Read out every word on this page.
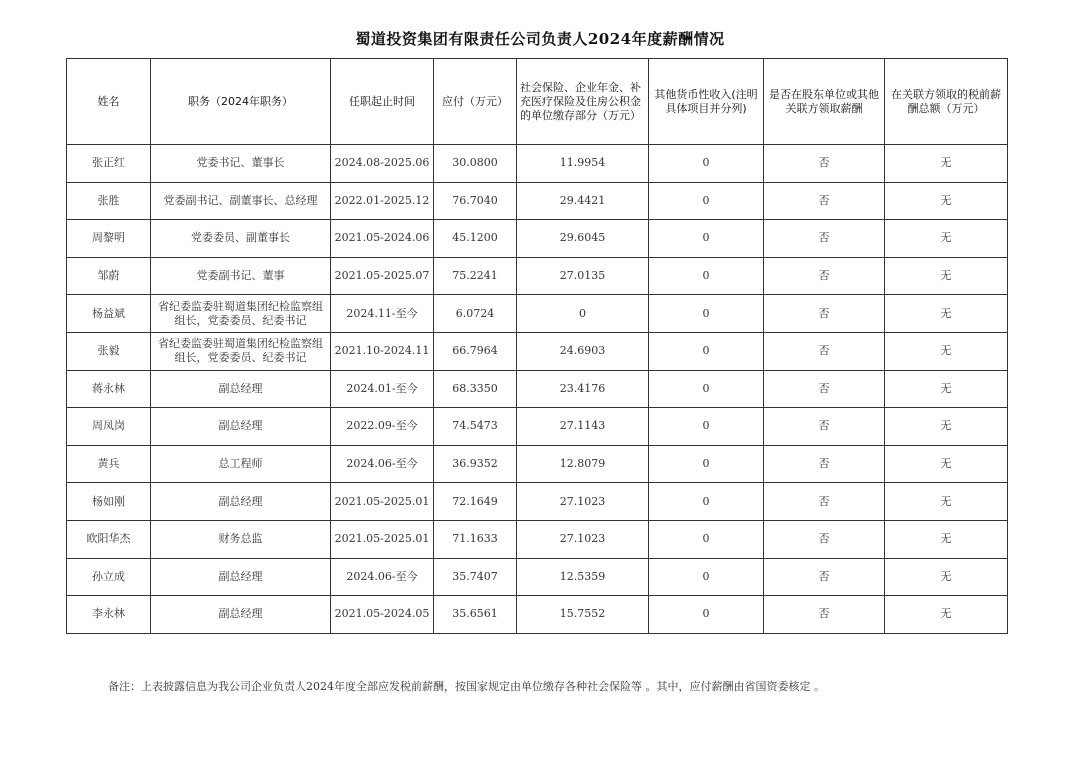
蜀道投资集团有限责任公司负责人2024年度薪酬情况
姓名	职务（2024年职务）	任职起止时间	应付（万元）	社会保险、企业年金、补充医疗保险及住房公积金的单位缴存部分（万元）	其他货币性收入(注明具体项目并分列)	是否在股东单位或其他关联方领取薪酬	在关联方领取的税前薪酬总额（万元）
张正红	党委书记、董事长	2024.08-2025.06	30.0800	11.9954	0	否	无
张胜	党委副书记、副董事长、总经理	2022.01-2025.12	76.7040	29.4421	0	否	无
周黎明	党委委员、副董事长	2021.05-2024.06	45.1200	29.6045	0	否	无
邹蔚	党委副书记、董事	2021.05-2025.07	75.2241	27.0135	0	否	无
杨益斌	省纪委监委驻蜀道集团纪检监察组组长，党委委员、纪委书记	2024.11-至今	6.0724	0	0	否	无
张毅	省纪委监委驻蜀道集团纪检监察组组长，党委委员、纪委书记	2021.10-2024.11	66.7964	24.6903	0	否	无
蒋永林	副总经理	2024.01-至今	68.3350	23.4176	0	否	无
周凤岗	副总经理	2022.09-至今	74.5473	27.1143	0	否	无
黄兵	总工程师	2024.06-至今	36.9352	12.8079	0	否	无
杨如刚	副总经理	2021.05-2025.01	72.1649	27.1023	0	否	无
欧阳华杰	财务总监	2021.05-2025.01	71.1633	27.1023	0	否	无
孙立成	副总经理	2024.06-至今	35.7407	12.5359	0	否	无
李永林	副总经理	2021.05-2024.05	35.6561	15.7552	0	否	无
备注：上表披露信息为我公司企业负责人2024年度全部应发税前薪酬，按国家规定由单位缴存各种社会保险等 。其中，应付薪酬由省国资委核定 。
